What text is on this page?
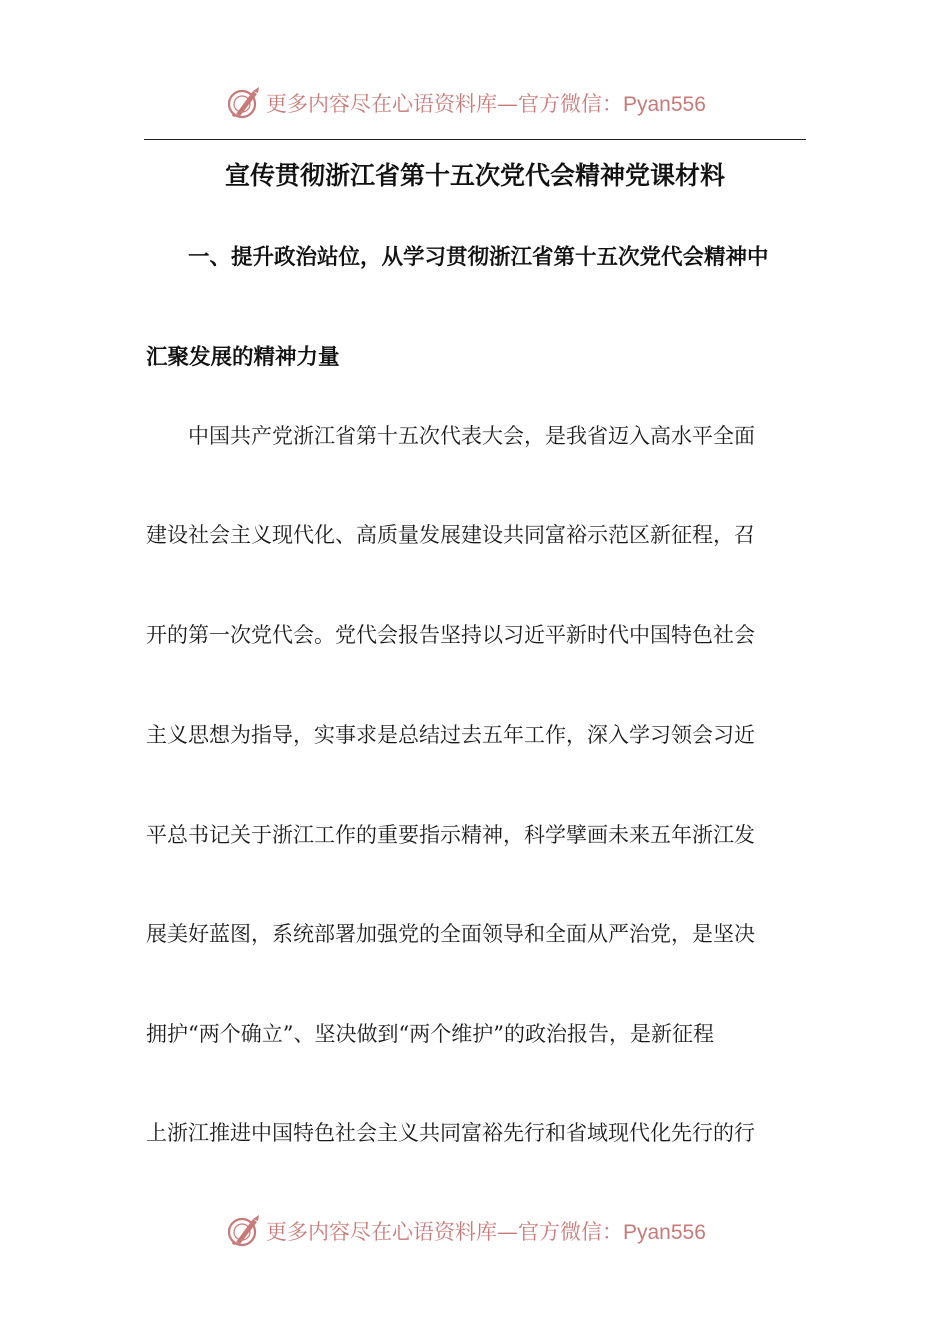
更多内容尽在心语资料库—官方微信：Pyan556
宣传贯彻浙江省第十五次党代会精神党课材料

一、提升政治站位，从学习贯彻浙江省第十五次党代会精神中

汇聚发展的精神力量

中国共产党浙江省第十五次代表大会，是我省迈入高水平全面

建设社会主义现代化、高质量发展建设共同富裕示范区新征程，召

开的第一次党代会。党代会报告坚持以习近平新时代中国特色社会

主义思想为指导，实事求是总结过去五年工作，深入学习领会习近

平总书记关于浙江工作的重要指示精神，科学擘画未来五年浙江发

展美好蓝图，系统部署加强党的全面领导和全面从严治党，是坚决

拥护“两个确立”、坚决做到“两个维护”的政治报告，是新征程

上浙江推进中国特色社会主义共同富裕先行和省域现代化先行的行

更多内容尽在心语资料库—官方微信：Pyan556
